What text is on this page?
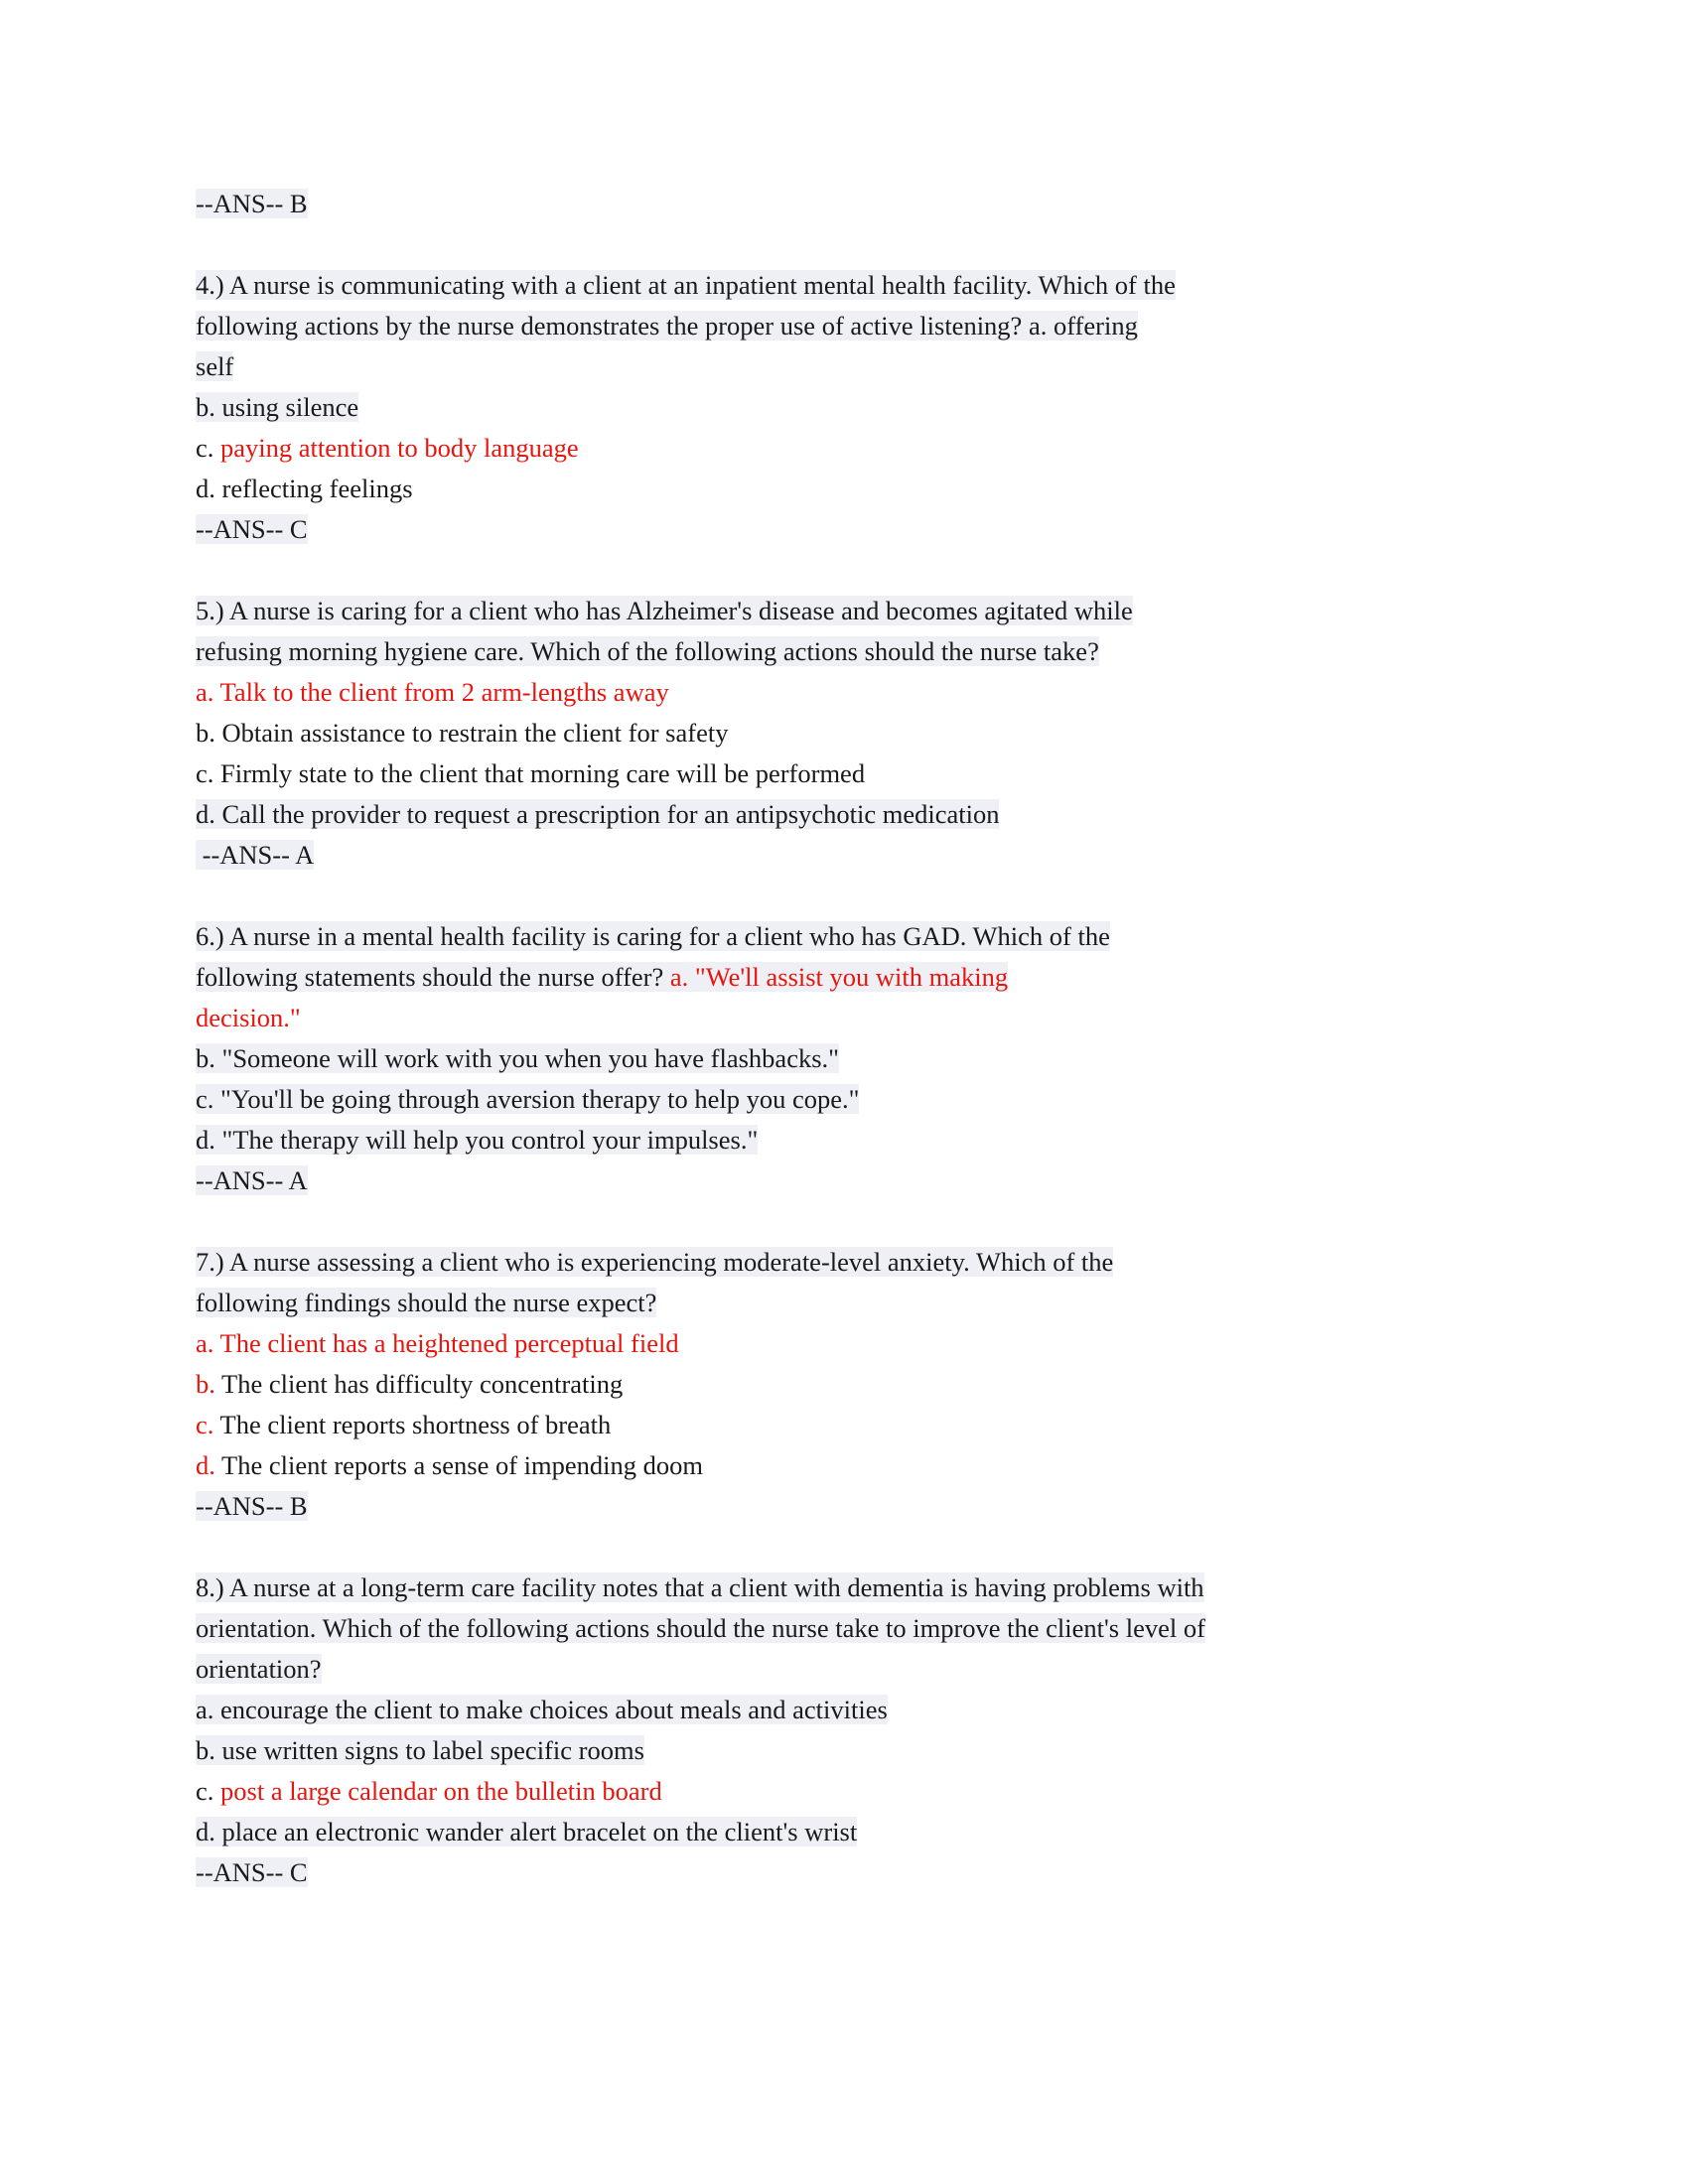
--ANS-- B
4.) A nurse is communicating with a client at an inpatient mental health facility. Which of the
following actions by the nurse demonstrates the proper use of active listening? a. offering
self
b. using silence
c. paying attention to body language
d. reflecting feelings
--ANS-- C
5.) A nurse is caring for a client who has Alzheimer's disease and becomes agitated while
refusing morning hygiene care. Which of the following actions should the nurse take?
a. Talk to the client from 2 arm-lengths away
b. Obtain assistance to restrain the client for safety
c. Firmly state to the client that morning care will be performed
d. Call the provider to request a prescription for an antipsychotic medication
--ANS-- A
6.) A nurse in a mental health facility is caring for a client who has GAD. Which of the
following statements should the nurse offer? a. "We'll assist you with making
decision."
b. "Someone will work with you when you have flashbacks."
c. "You'll be going through aversion therapy to help you cope."
d. "The therapy will help you control your impulses."
--ANS-- A
7.) A nurse assessing a client who is experiencing moderate-level anxiety. Which of the
following findings should the nurse expect?
a. The client has a heightened perceptual field
b. The client has difficulty concentrating
c. The client reports shortness of breath
d. The client reports a sense of impending doom
--ANS-- B
8.) A nurse at a long-term care facility notes that a client with dementia is having problems with
orientation. Which of the following actions should the nurse take to improve the client's level of
orientation?
a. encourage the client to make choices about meals and activities
b. use written signs to label specific rooms
c. post a large calendar on the bulletin board
d. place an electronic wander alert bracelet on the client's wrist
--ANS-- C
